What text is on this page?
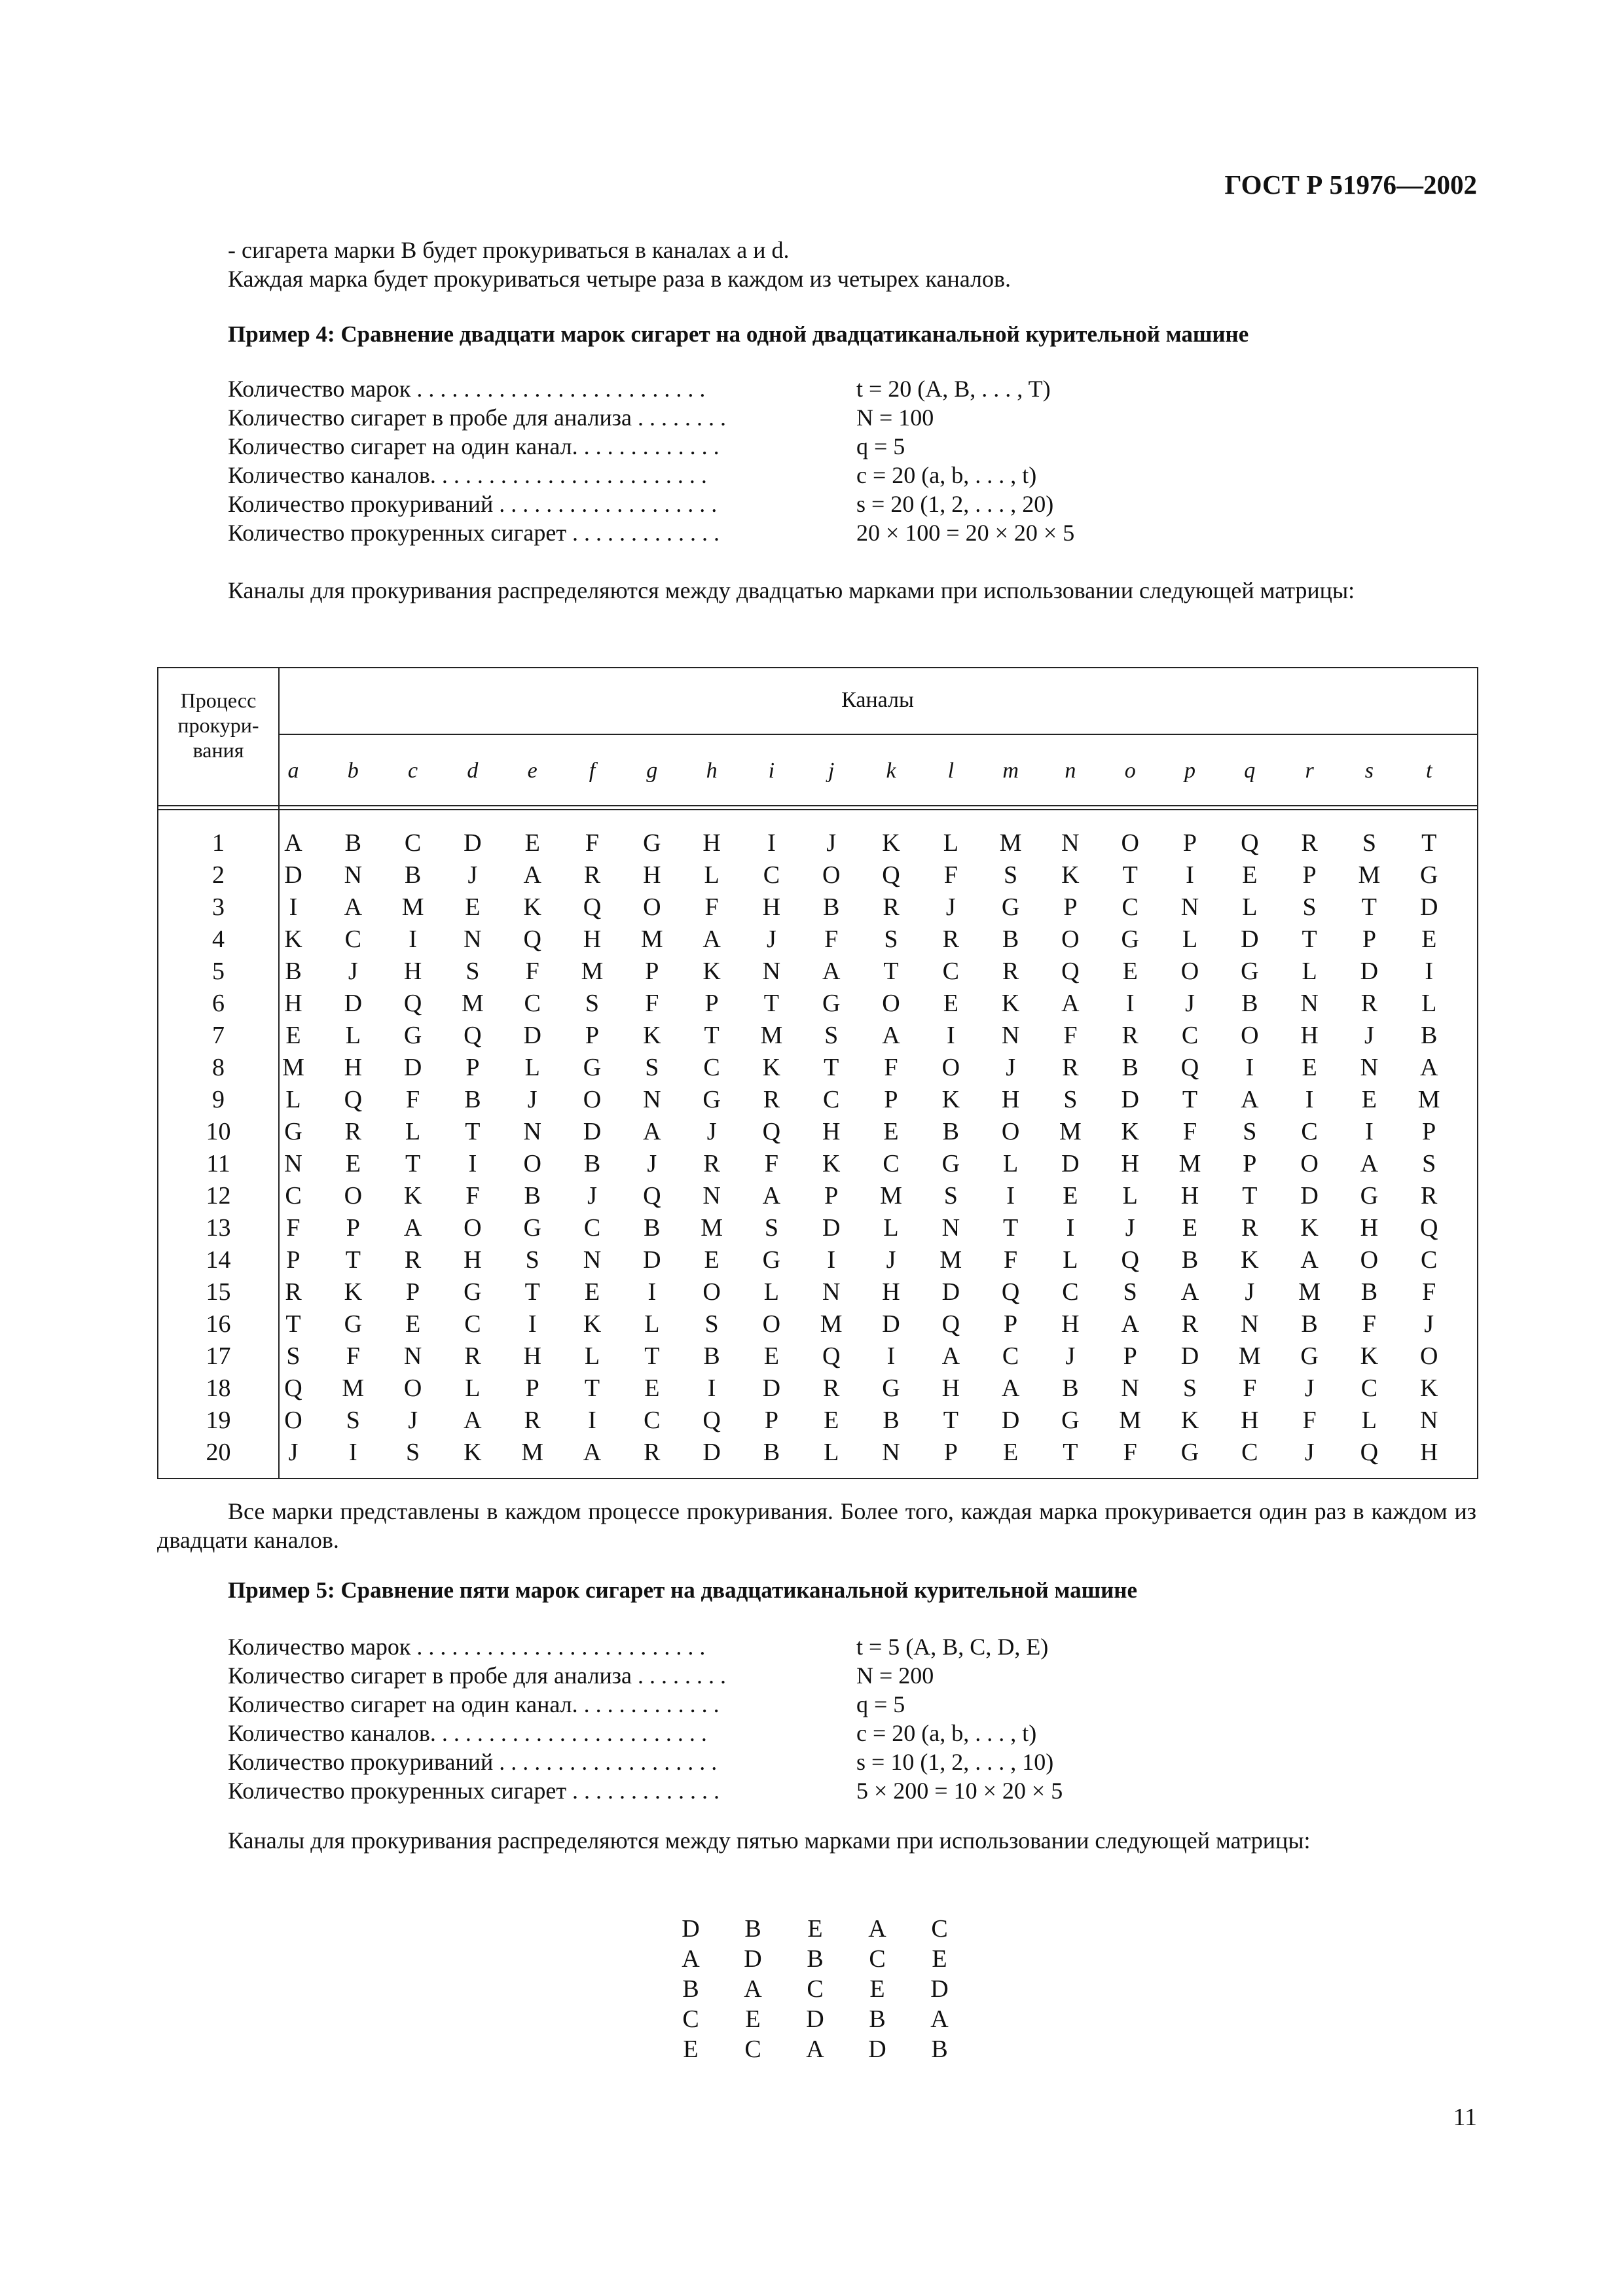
ГОСТ Р 51976—2002
- сигарета марки В будет прокуриваться в каналах a и d.
Каждая марка будет прокуриваться четыре раза в каждом из четырех каналов.
Пример 4: Сравнение двадцати марок сигарет на одной двадцатиканальной курительной машине
Количество марок . . . . . . . . . . . . . . . . . . . . . . . . .	t = 20 (A, B, . . . , T)
Количество сигарет в пробе для анализа . . . . . . . .	N = 100
Количество сигарет на один канал. . . . . . . . . . . . .	q = 5
Количество каналов. . . . . . . . . . . . . . . . . . . . . . . .	c = 20 (a, b, . . . , t)
Количество прокуриваний . . . . . . . . . . . . . . . . . . .	s = 20 (1, 2, . . . , 20)
Количество прокуренных сигарет . . . . . . . . . . . . .	20 × 100 = 20 × 20 × 5
Каналы для прокуривания распределяются между двадцатью марками при использовании следующей матрицы:
Процесс прокури- вания
Каналы
a	b	c	d	e	f	g	h	i	j	k	l	m	n	o	p	q	r	s	t
1	A	B	C	D	E	F	G	H	I	J	K	L	M	N	O	P	Q	R	S	T
2	D	N	B	J	A	R	H	L	C	O	Q	F	S	K	T	I	E	P	M	G
3	I	A	M	E	K	Q	O	F	H	B	R	J	G	P	C	N	L	S	T	D
4	K	C	I	N	Q	H	M	A	J	F	S	R	B	O	G	L	D	T	P	E
5	B	J	H	S	F	M	P	K	N	A	T	C	R	Q	E	O	G	L	D	I
6	H	D	Q	M	C	S	F	P	T	G	O	E	K	A	I	J	B	N	R	L
7	E	L	G	Q	D	P	K	T	M	S	A	I	N	F	R	C	O	H	J	B
8	M	H	D	P	L	G	S	C	K	T	F	O	J	R	B	Q	I	E	N	A
9	L	Q	F	B	J	O	N	G	R	C	P	K	H	S	D	T	A	I	E	M
10	G	R	L	T	N	D	A	J	Q	H	E	B	O	M	K	F	S	C	I	P
11	N	E	T	I	O	B	J	R	F	K	C	G	L	D	H	M	P	O	A	S
12	C	O	K	F	B	J	Q	N	A	P	M	S	I	E	L	H	T	D	G	R
13	F	P	A	O	G	C	B	M	S	D	L	N	T	I	J	E	R	K	H	Q
14	P	T	R	H	S	N	D	E	G	I	J	M	F	L	Q	B	K	A	O	C
15	R	K	P	G	T	E	I	O	L	N	H	D	Q	C	S	A	J	M	B	F
16	T	G	E	C	I	K	L	S	O	M	D	Q	P	H	A	R	N	B	F	J
17	S	F	N	R	H	L	T	B	E	Q	I	A	C	J	P	D	M	G	K	O
18	Q	M	O	L	P	T	E	I	D	R	G	H	A	B	N	S	F	J	C	K
19	O	S	J	A	R	I	C	Q	P	E	B	T	D	G	M	K	H	F	L	N
20	J	I	S	K	M	A	R	D	B	L	N	P	E	T	F	G	C	J	Q	H
Все марки представлены в каждом процессе прокуривания. Более того, каждая марка прокуривается один раз в каждом из двадцати каналов.
Пример 5: Сравнение пяти марок сигарет на двадцатиканальной курительной машине
Количество марок . . . . . . . . . . . . . . . . . . . . . . . . .	t = 5 (A, B, C, D, E)
Количество сигарет в пробе для анализа . . . . . . . .	N = 200
Количество сигарет на один канал. . . . . . . . . . . . .	q = 5
Количество каналов. . . . . . . . . . . . . . . . . . . . . . . .	c = 20 (a, b, . . . , t)
Количество прокуриваний . . . . . . . . . . . . . . . . . . .	s = 10 (1, 2, . . . , 10)
Количество прокуренных сигарет . . . . . . . . . . . . .	5 × 200 = 10 × 20 × 5
Каналы для прокуривания распределяются между пятью марками при использовании следующей матрицы:
D	B	E	A	C
A	D	B	C	E
B	A	C	E	D
C	E	D	B	A
E	C	A	D	B
11
